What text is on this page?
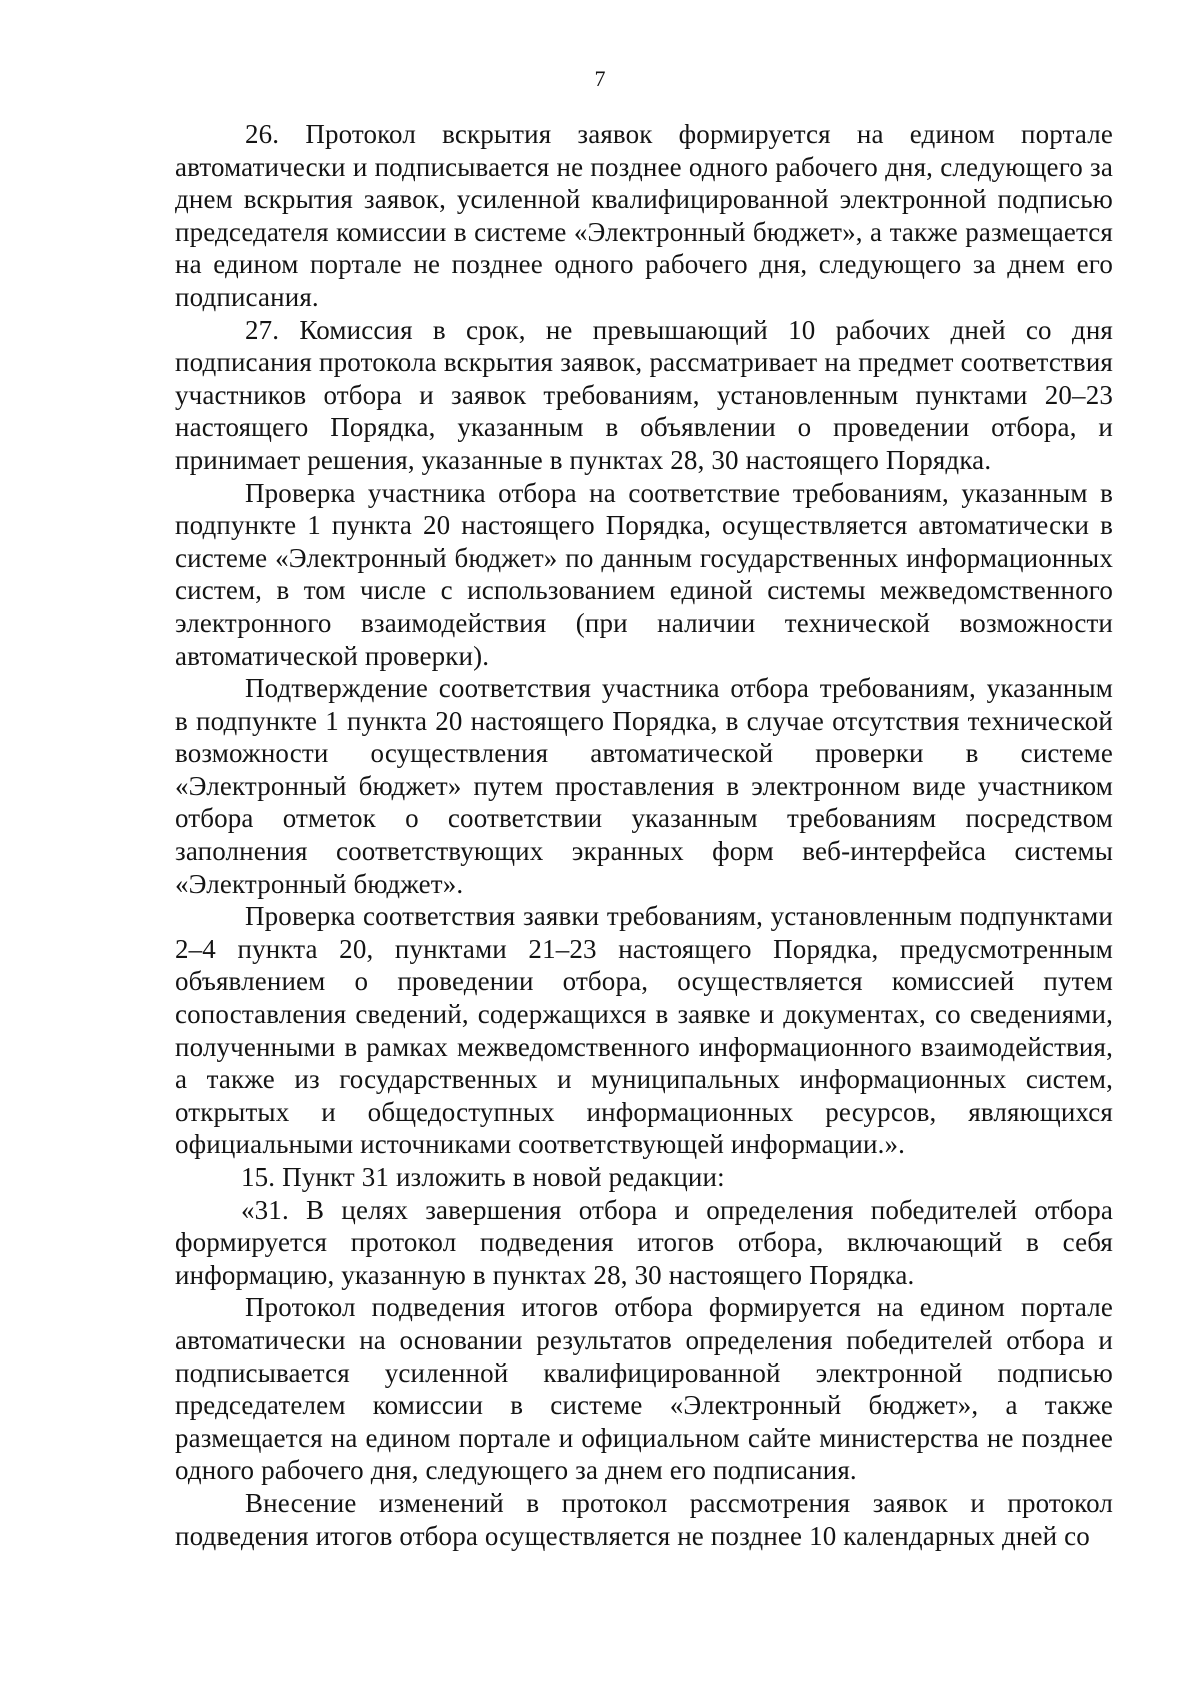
7

26. Протокол вскрытия заявок формируется на едином портале автоматически и подписывается не позднее одного рабочего дня, следующего за днем вскрытия заявок, усиленной квалифицированной электронной подписью председателя комиссии в системе «Электронный бюджет», а также размещается на едином портале не позднее одного рабочего дня, следующего за днем его подписания.

27. Комиссия в срок, не превышающий 10 рабочих дней со дня подписания протокола вскрытия заявок, рассматривает на предмет соответствия участников отбора и заявок требованиям, установленным пунктами 20–23 настоящего Порядка, указанным в объявлении о проведении отбора, и принимает решения, указанные в пунктах 28, 30 настоящего Порядка.

Проверка участника отбора на соответствие требованиям, указанным в подпункте 1 пункта 20 настоящего Порядка, осуществляется автоматически в системе «Электронный бюджет» по данным государственных информационных систем, в том числе с использованием единой системы межведомственного электронного взаимодействия (при наличии технической возможности автоматической проверки).

Подтверждение соответствия участника отбора требованиям, указанным в подпункте 1 пункта 20 настоящего Порядка, в случае отсутствия технической возможности осуществления автоматической проверки в системе «Электронный бюджет» путем проставления в электронном виде участником отбора отметок о соответствии указанным требованиям посредством заполнения соответствующих экранных форм веб-интерфейса системы «Электронный бюджет».

Проверка соответствия заявки требованиям, установленным подпунктами 2–4 пункта 20, пунктами 21–23 настоящего Порядка, предусмотренным объявлением о проведении отбора, осуществляется комиссией путем сопоставления сведений, содержащихся в заявке и документах, со сведениями, полученными в рамках межведомственного информационного взаимодействия, а также из государственных и муниципальных информационных систем, открытых и общедоступных информационных ресурсов, являющихся официальными источниками соответствующей информации.».

15. Пункт 31 изложить в новой редакции:

«31. В целях завершения отбора и определения победителей отбора формируется протокол подведения итогов отбора, включающий в себя информацию, указанную в пунктах 28, 30 настоящего Порядка.

Протокол подведения итогов отбора формируется на едином портале автоматически на основании результатов определения победителей отбора и подписывается усиленной квалифицированной электронной подписью председателем комиссии в системе «Электронный бюджет», а также размещается на едином портале и официальном сайте министерства не позднее одного рабочего дня, следующего за днем его подписания.

Внесение изменений в протокол рассмотрения заявок и протокол подведения итогов отбора осуществляется не позднее 10 календарных дней со
